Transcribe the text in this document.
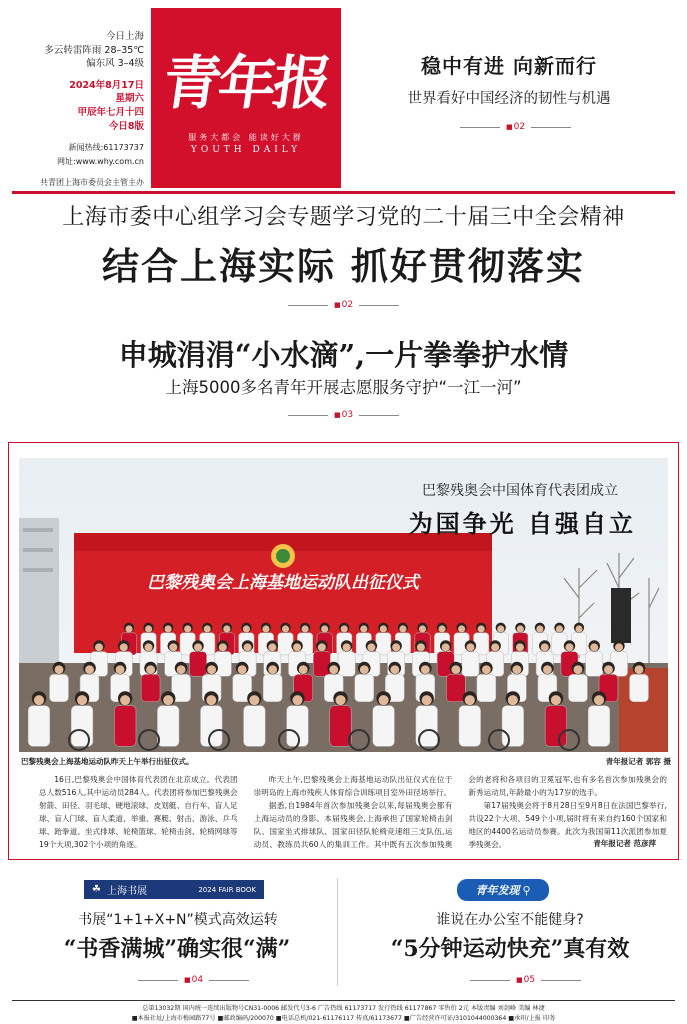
今日上海
多云转雷阵雨 28–35℃
偏东风 3–4级
2024年8月17日
星期六
甲辰年七月十四
今日8版
新闻热线:61173737
网址:www.why.com.cn
共青团上海市委员会主管主办
青年报
服务大都会 能读好大群
YOUTH DAILY
稳中有进 向新而行
世界看好中国经济的韧性与机遇
■ 02
上海市委中心组学习会专题学习党的二十届三中全会精神
结合上海实际 抓好贯彻落实
■ 02
申城涓涓“小水滴”,一片拳拳护水情
上海5000多名青年开展志愿服务守护“一江一河”
■ 03
巴黎残奥会上海基地运动队出征仪式
巴黎残奥会中国体育代表团成立
为国争光 自强自立
巴黎残奥会上海基地运动队昨天上午举行出征仪式。	青年报记者 郭容 摄

16日,巴黎残奥会中国体育代表团在北京成立。代表团总人数516人,其中运动员284人。代表团将参加巴黎残奥会射箭、田径、羽毛球、硬地滚球、皮划艇、自行车、盲人足球、盲人门球、盲人柔道、举重、赛艇、射击、游泳、乒乓球、跆拳道、坐式排球、轮椅篮球、轮椅击剑、轮椅网球等19个大项,302个小项的角逐。

昨天上午,巴黎残奥会上海基地运动队出征仪式在位于崇明岛的上海市残疾人体育综合训练项目室外田径场举行。

据悉,自1984年首次参加残奥会以来,每届残奥会都有上海运动员的身影。本届残奥会,上海承担了国家轮椅击剑队、国家坐式排球队、国家田径队轮椅竞速组三支队伍,运动员、教练员共60人的集训工作。其中既有五次参加残奥会的老将和各项目的卫冕冠军,也有多名首次参加残奥会的新秀运动员,年龄最小的为17岁的选手。

第17届残奥会将于8月28日至9月8日在法国巴黎举行,共设22个大项、549个小项,届时将有来自约160个国家和地区的4400名运动员参赛。此次为我国第11次派团参加夏季残奥会。	青年报记者 范彦萍
☘ 上海书展	2024 FAIR BOOK
书展“1+1+X+N”模式高效运转
“书香满城”确实很“满”
■ 04
青年发现 ⚲
谁说在办公室不能健身?
“5分钟运动快充”真有效
■ 05
总第13032期 国内统一连续出版物号CN31-0006 邮发代号3-6 广告热线 61173717 发行热线 61177867 零售价 2元 本版责编 刘剑峰 美编 林捷
■本报社址/上海市梅园路77号 ■邮政编码/200070 ■电话总机/021-61176117 传真/61173677 ■广告经营许可证/3101044000364 ■承印/上报 印务
